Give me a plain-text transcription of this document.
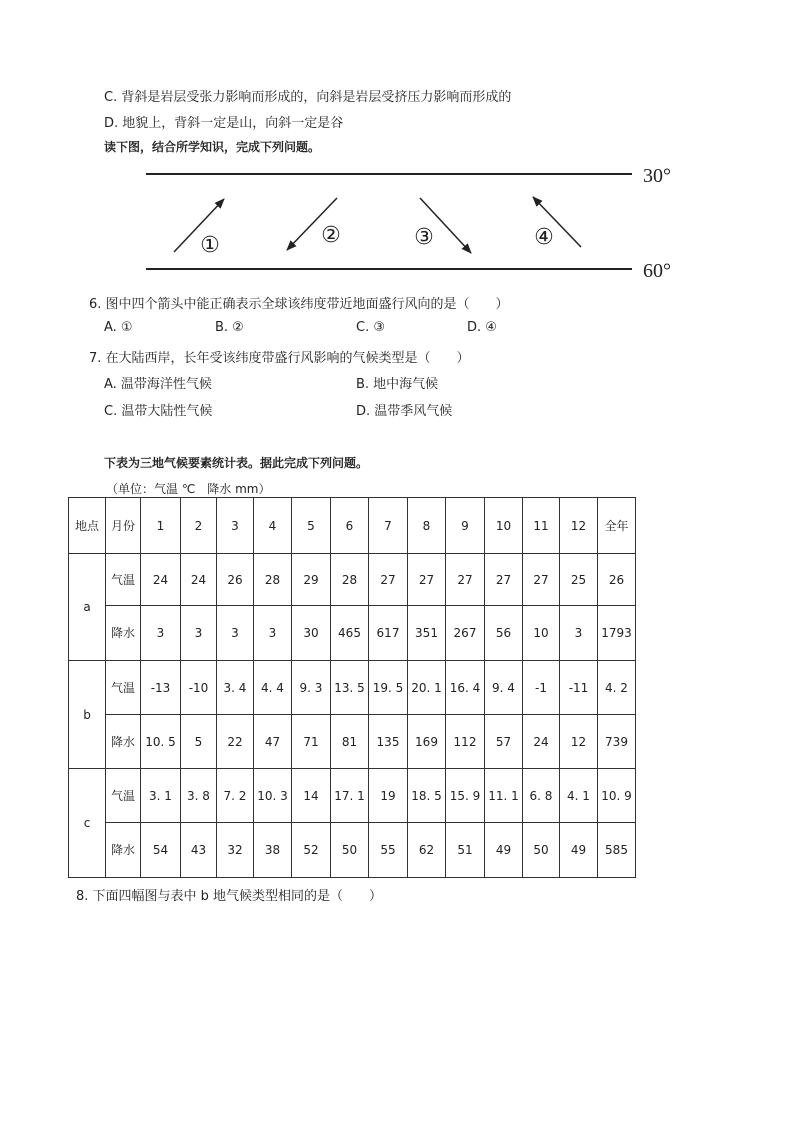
C. 背斜是岩层受张力影响而形成的，向斜是岩层受挤压力影响而形成的
D. 地貌上，背斜一定是山，向斜一定是谷
读下图，结合所学知识，完成下列问题。
30°
60°
①	②	③	④
6. 图中四个箭头中能正确表示全球该纬度带近地面盛行风向的是（　　）
A. ①	B. ②	C. ③	D. ④
7. 在大陆西岸，长年受该纬度带盛行风影响的气候类型是（　　）
A. 温带海洋性气候	B. 地中海气候
C. 温带大陆性气候	D. 温带季风气候
下表为三地气候要素统计表。据此完成下列问题。
（单位：气温 ℃　降水 mm）
地点	月份	1	2	3	4	5	6	7	8	9	10	11	12	全年
a	气温	24	24	26	28	29	28	27	27	27	27	27	25	26
	降水	3	3	3	3	30	465	617	351	267	56	10	3	1793
b	气温	-13	-10	3. 4	4. 4	9. 3	13. 5	19. 5	20. 1	16. 4	9. 4	-1	-11	4. 2
	降水	10. 5	5	22	47	71	81	135	169	112	57	24	12	739
c	气温	3. 1	3. 8	7. 2	10. 3	14	17. 1	19	18. 5	15. 9	11. 1	6. 8	4. 1	10. 9
	降水	54	43	32	38	52	50	55	62	51	49	50	49	585
8. 下面四幅图与表中 b 地气候类型相同的是（　　）
